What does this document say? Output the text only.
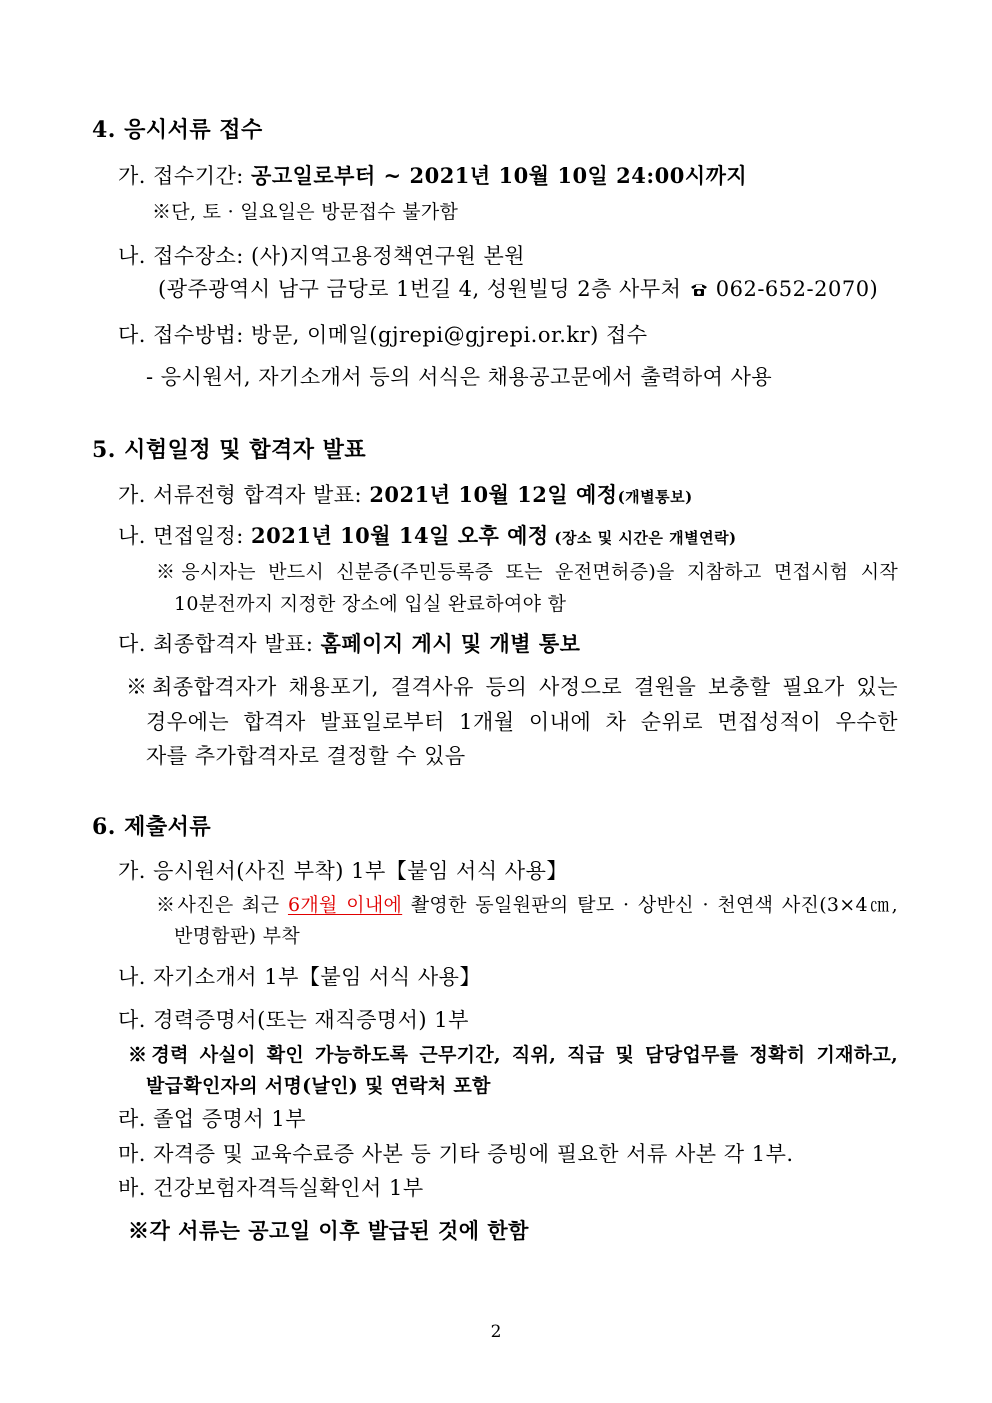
4. 응시서류 접수
가. 접수기간: 공고일로부터 ~ 2021년 10월 10일 24:00시까지
※단, 토 · 일요일은 방문접수 불가함
나. 접수장소: (사)지역고용정책연구원 본원
(광주광역시 남구 금당로 1번길 4, 성원빌딩 2층 사무처  062-652-2070)
다. 접수방법: 방문, 이메일(gjrepi@gjrepi.or.kr) 접수
- 응시원서, 자기소개서 등의 서식은 채용공고문에서 출력하여 사용
5. 시험일정 및 합격자 발표
가. 서류전형 합격자 발표: 2021년 10월 12일 예정(개별통보)
나. 면접일정: 2021년 10월 14일 오후 예정 (장소 및 시간은 개별연락)
※응시자는 반드시 신분증(주민등록증 또는 운전면허증)을 지참하고 면접시험 시작
10분전까지 지정한 장소에 입실 완료하여야 함
다. 최종합격자 발표: 홈페이지 게시 및 개별 통보
※최종합격자가 채용포기, 결격사유 등의 사정으로 결원을 보충할 필요가 있는
경우에는 합격자 발표일로부터 1개월 이내에 차 순위로 면접성적이 우수한
자를 추가합격자로 결정할 수 있음
6. 제출서류
가. 응시원서(사진 부착) 1부【붙임 서식 사용】
※사진은 최근 6개월 이내에 촬영한 동일원판의 탈모 · 상반신 · 천연색 사진(3×4㎝,
반명함판) 부착
나. 자기소개서 1부【붙임 서식 사용】
다. 경력증명서(또는 재직증명서) 1부
※경력 사실이 확인 가능하도록 근무기간, 직위, 직급 및 담당업무를 정확히 기재하고,
발급확인자의 서명(날인) 및 연락처 포함
라. 졸업 증명서 1부
마. 자격증 및 교육수료증 사본 등 기타 증빙에 필요한 서류 사본 각 1부.
바. 건강보험자격득실확인서 1부
※각 서류는 공고일 이후 발급된 것에 한함
2
